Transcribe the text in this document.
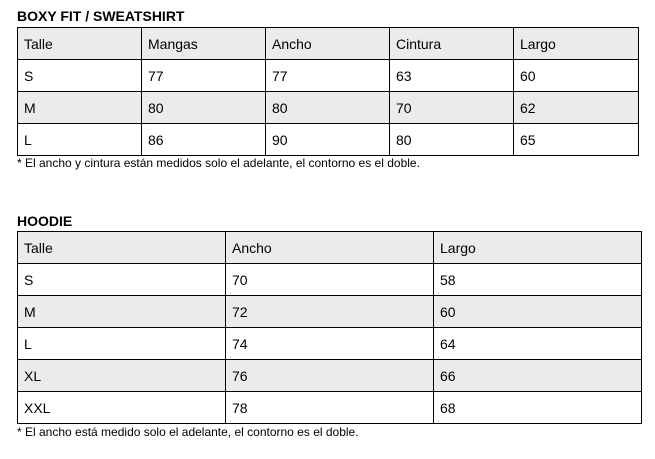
BOXY FIT / SWEATSHIRT
Talle	Mangas	Ancho	Cintura	Largo
S	77	77	63	60
M	80	80	70	62
L	86	90	80	65
* El ancho y cintura están medidos solo el adelante, el contorno es el doble.
HOODIE
Talle	Ancho	Largo
S	70	58
M	72	60
L	74	64
XL	76	66
XXL	78	68
* El ancho está medido solo el adelante, el contorno es el doble.
